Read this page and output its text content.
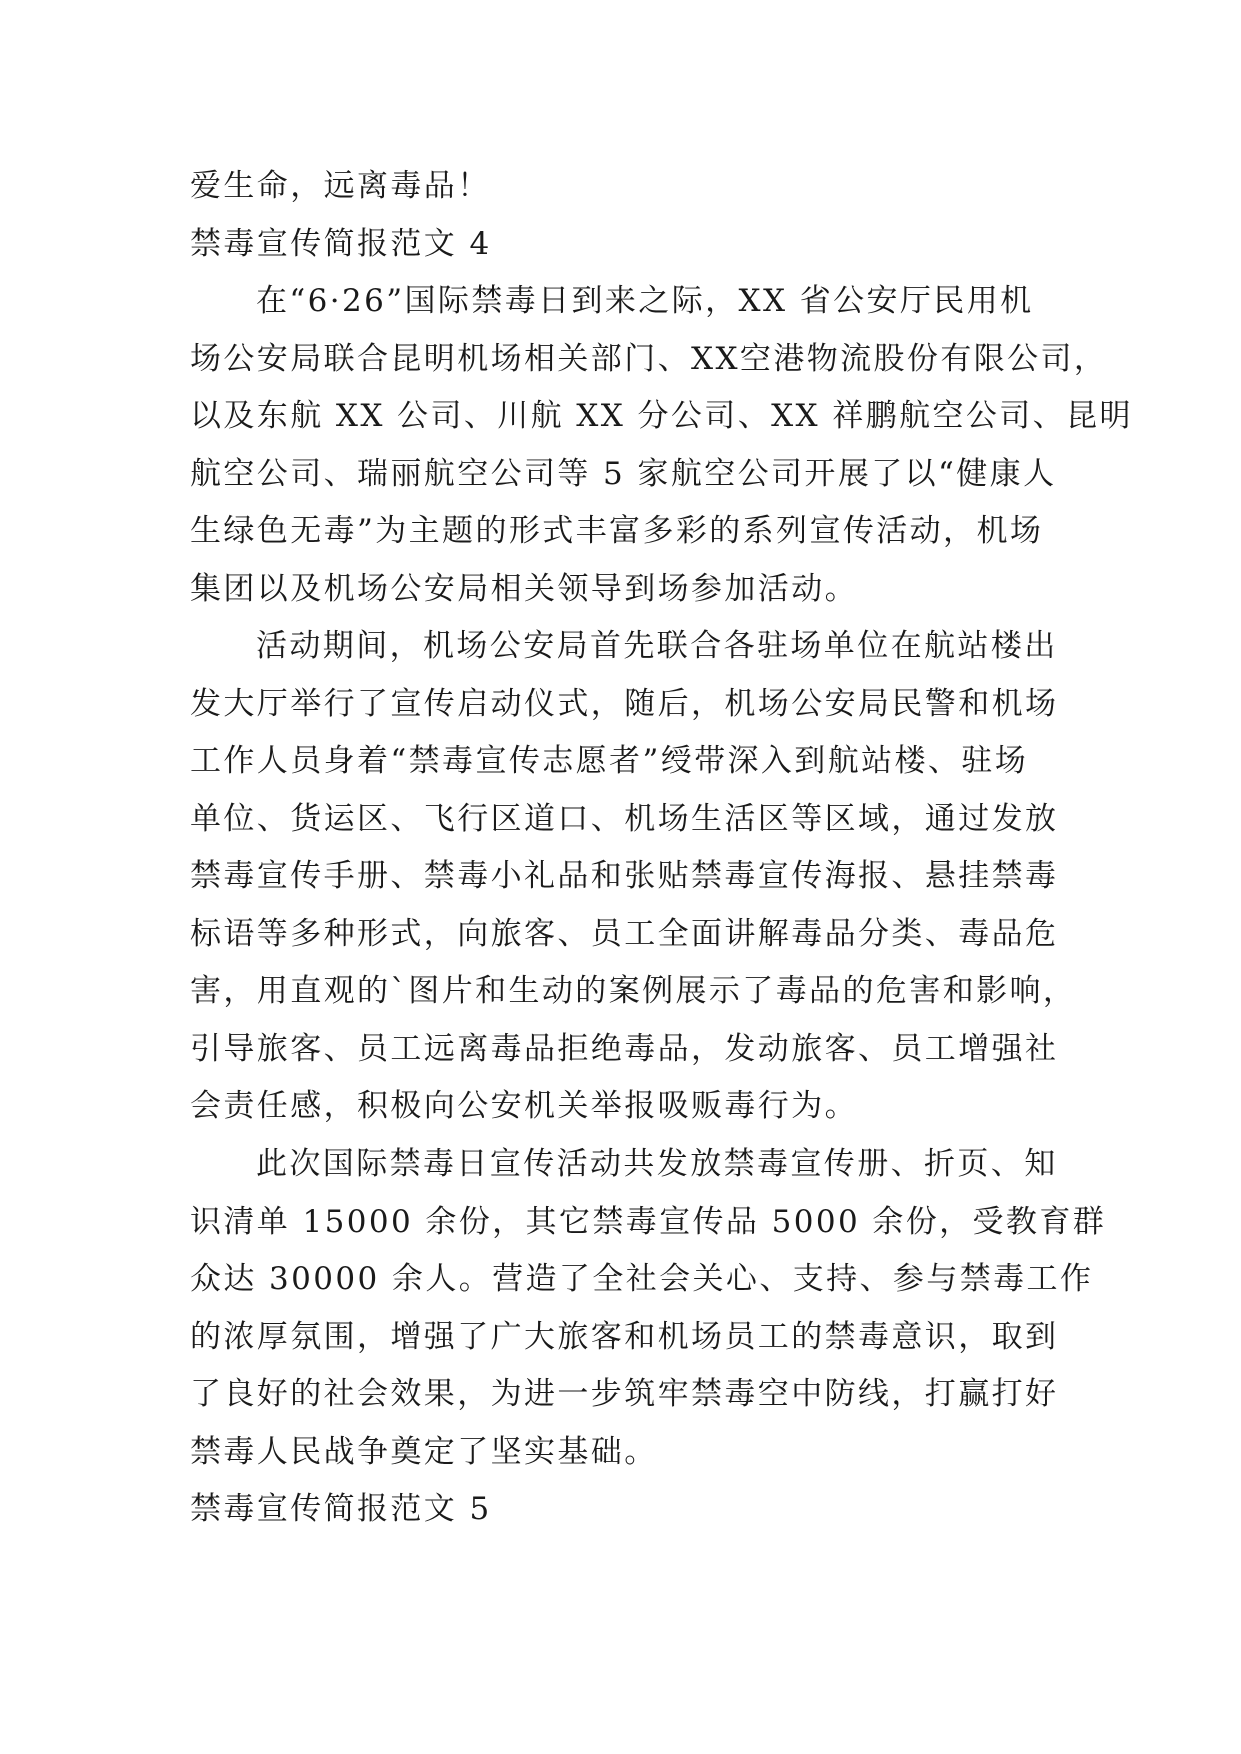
爱生命，远离毒品！
禁毒宣传简报范文 4
在“6·26”国际禁毒日到来之际，XX 省公安厅民用机
场公安局联合昆明机场相关部门、XX空港物流股份有限公司，
以及东航 XX 公司、川航 XX 分公司、XX 祥鹏航空公司、昆明
航空公司、瑞丽航空公司等 5 家航空公司开展了以“健康人
生绿色无毒”为主题的形式丰富多彩的系列宣传活动，机场
集团以及机场公安局相关领导到场参加活动。
活动期间，机场公安局首先联合各驻场单位在航站楼出
发大厅举行了宣传启动仪式，随后，机场公安局民警和机场
工作人员身着“禁毒宣传志愿者”绶带深入到航站楼、驻场
单位、货运区、飞行区道口、机场生活区等区域，通过发放
禁毒宣传手册、禁毒小礼品和张贴禁毒宣传海报、悬挂禁毒
标语等多种形式，向旅客、员工全面讲解毒品分类、毒品危
害，用直观的`图片和生动的案例展示了毒品的危害和影响，
引导旅客、员工远离毒品拒绝毒品，发动旅客、员工增强社
会责任感，积极向公安机关举报吸贩毒行为。
此次国际禁毒日宣传活动共发放禁毒宣传册、折页、知
识清单 15000 余份，其它禁毒宣传品 5000 余份，受教育群
众达 30000 余人。营造了全社会关心、支持、参与禁毒工作
的浓厚氛围，增强了广大旅客和机场员工的禁毒意识，取到
了良好的社会效果，为进一步筑牢禁毒空中防线，打赢打好
禁毒人民战争奠定了坚实基础。
禁毒宣传简报范文 5
